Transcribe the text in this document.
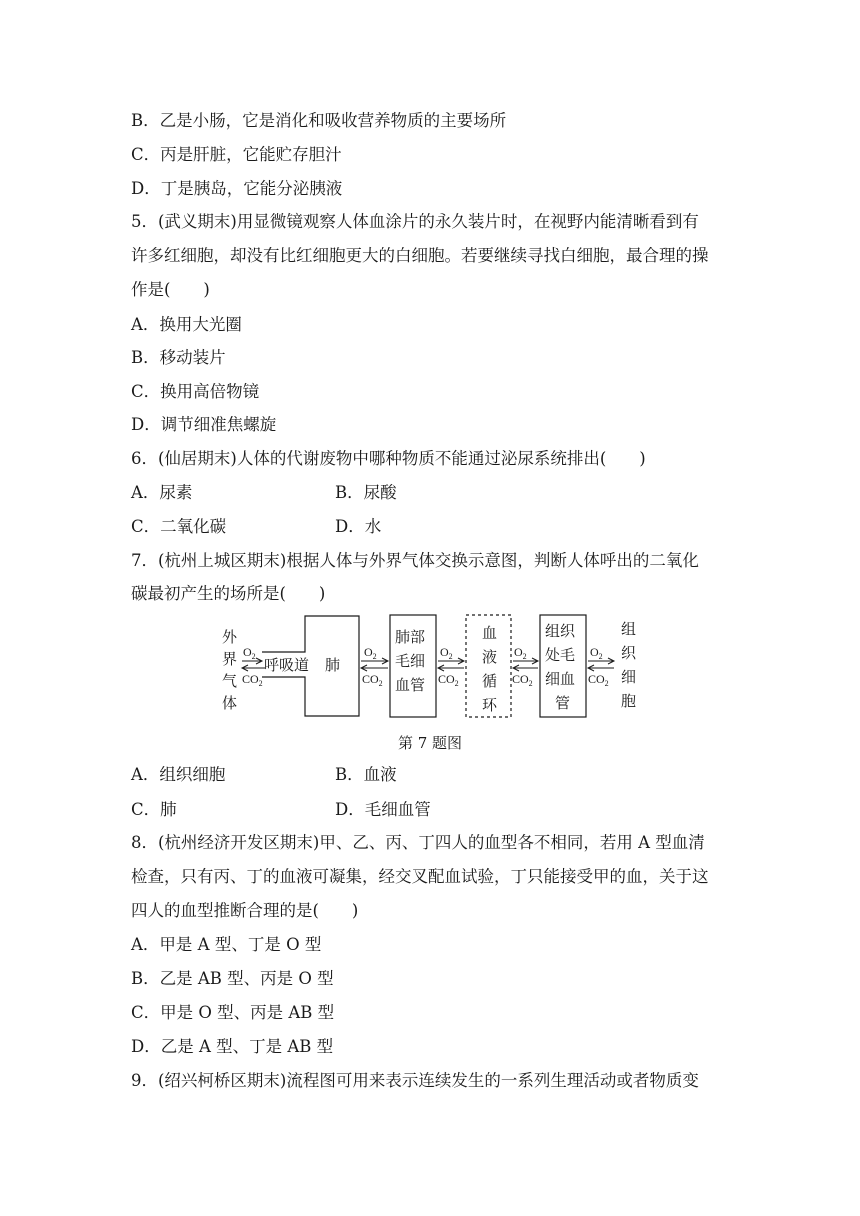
B．乙是小肠，它是消化和吸收营养物质的主要场所
C．丙是肝脏，它能贮存胆汁
D．丁是胰岛，它能分泌胰液
5．(武义期末)用显微镜观察人体血涂片的永久装片时，在视野内能清晰看到有
许多红细胞，却没有比红细胞更大的白细胞。若要继续寻找白细胞，最合理的操
作是(　　)
A．换用大光圈
B．移动装片
C．换用高倍物镜
D．调节细准焦螺旋
6．(仙居期末)人体的代谢废物中哪种物质不能通过泌尿系统排出(　　)
A．尿素	B．尿酸
C．二氧化碳	D．水
7．(杭州上城区期末)根据人体与外界气体交换示意图，判断人体呼出的二氧化
碳最初产生的场所是(　　)
外
界
气
体
$O_2$
$CO_2$
呼吸道 肺
$O_2$
$CO_2$
肺部
毛细
血管
$O_2$
$CO_2$
血
液
循
环
$O_2$
$CO_2$
组织
处毛
细血
管
$O_2$
$CO_2$
组
织
细
胞
第 7 题图
A．组织细胞	B．血液
C．肺	D．毛细血管
8．(杭州经济开发区期末)甲、乙、丙、丁四人的血型各不相同，若用 A 型血清
检查，只有丙、丁的血液可凝集，经交叉配血试验，丁只能接受甲的血，关于这
四人的血型推断合理的是(　　)
A．甲是 A 型、丁是 O 型
B．乙是 AB 型、丙是 O 型
C．甲是 O 型、丙是 AB 型
D．乙是 A 型、丁是 AB 型
9．(绍兴柯桥区期末)流程图可用来表示连续发生的一系列生理活动或者物质变
